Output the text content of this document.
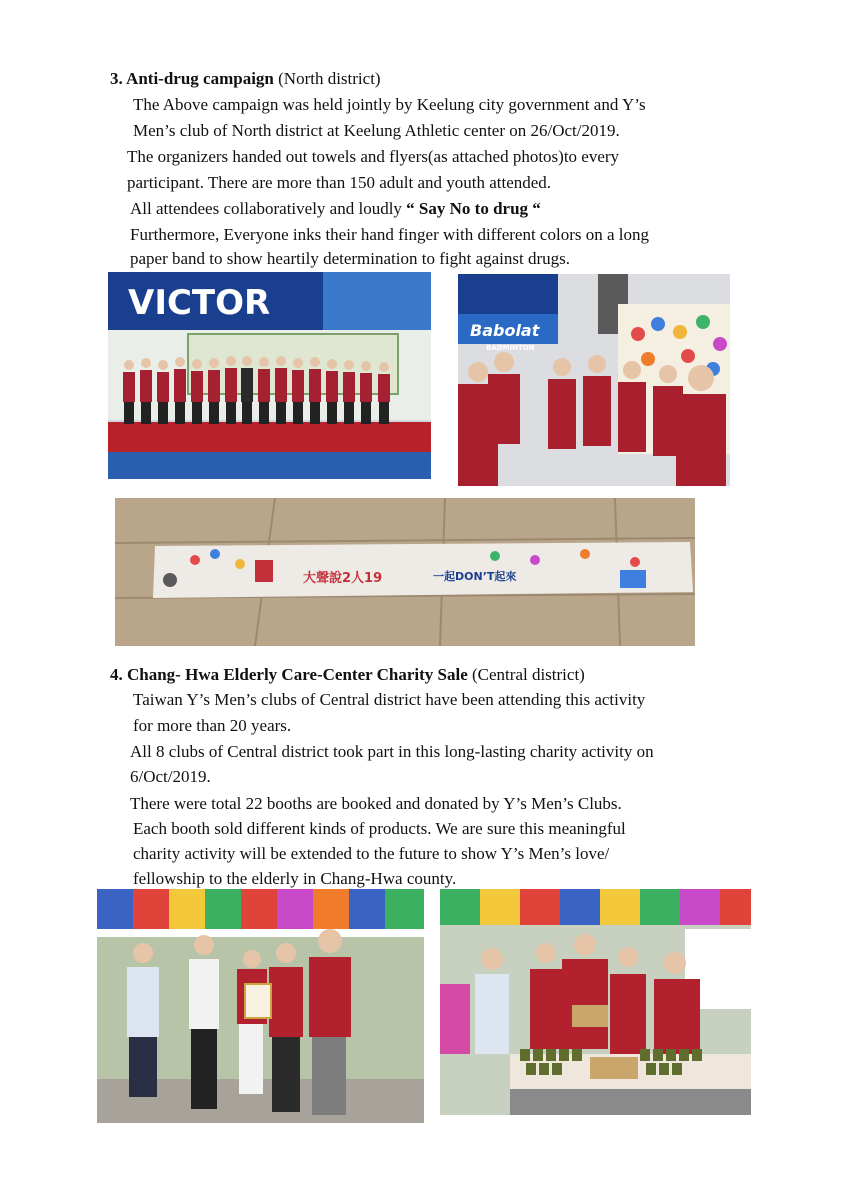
3. Anti-drug campaign (North district)
The Above campaign was held jointly by Keelung city government and Y’s
Men’s club of North district at Keelung Athletic center on 26/Oct/2019.
The organizers handed out towels and flyers(as attached photos)to every
participant. There are more than 150 adult and youth attended.
All attendees collaboratively and loudly “ Say No to drug “
Furthermore, Everyone inks their hand finger with different colors on a long
paper band to show heartily determination to fight against drugs.
VICTOR
Babolat
BADMINTON
大聲說2人19	一起DON’T起來
4. Chang- Hwa Elderly Care-Center Charity Sale (Central district)
Taiwan Y’s Men’s clubs of Central district have been attending this activity
for more than 20 years.
All 8 clubs of Central district took part in this long-lasting charity activity on
6/Oct/2019.
There were total 22 booths are booked and donated by Y’s Men’s Clubs.
Each booth sold different kinds of products. We are sure this meaningful
charity activity will be extended to the future to show Y’s Men’s love/
fellowship to the elderly in Chang-Hwa county.
